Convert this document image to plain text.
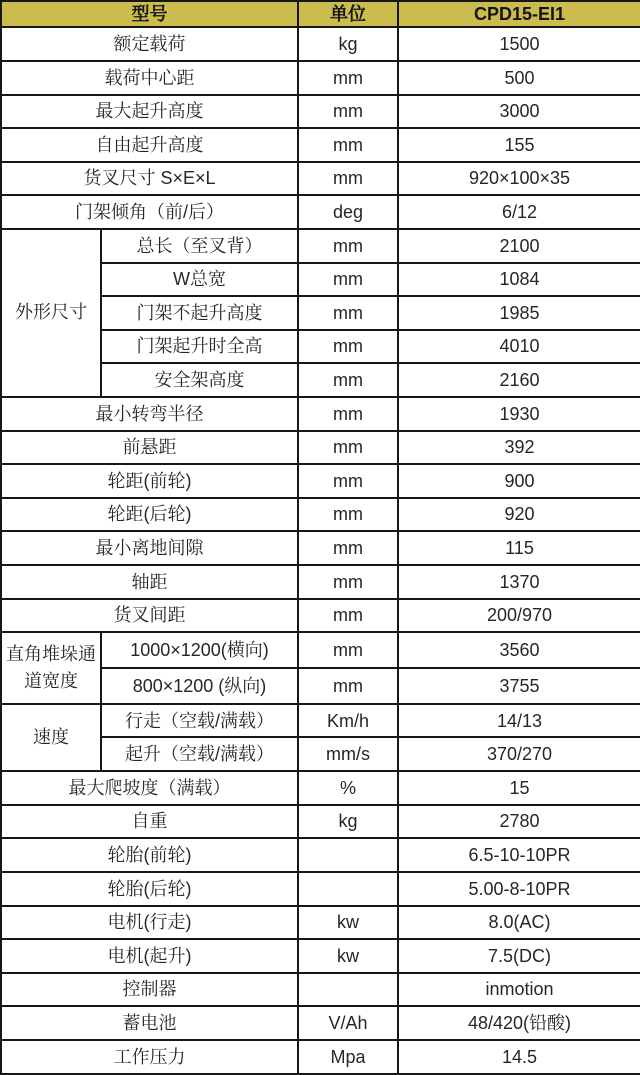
型号		单位	CPD15-EI1
额定载荷		kg	1500
载荷中心距		mm	500
最大起升高度		mm	3000
自由起升高度		mm	155
货叉尺寸 S×E×L		mm	920×100×35
门架倾角（前/后）		deg	6/12
外形尺寸	总长（至叉背）	mm	2100
	W总宽	mm	1084
	门架不起升高度	mm	1985
	门架起升时全高	mm	4010
	安全架高度	mm	2160
最小转弯半径		mm	1930
前悬距		mm	392
轮距(前轮)		mm	900
轮距(后轮)		mm	920
最小离地间隙		mm	115
轴距		mm	1370
货叉间距		mm	200/970
直角堆垛通道宽度	1000×1200(横向)	mm	3560
	800×1200 (纵向)	mm	3755
速度	行走（空载/满载）	Km/h	14/13
	起升（空载/满载）	mm/s	370/270
最大爬坡度（满载）		%	15
自重		kg	2780
轮胎(前轮)			6.5-10-10PR
轮胎(后轮)			5.00-8-10PR
电机(行走)		kw	8.0(AC)
电机(起升)		kw	7.5(DC)
控制器			inmotion
蓄电池		V/Ah	48/420(铅酸)
工作压力		Mpa	14.5
